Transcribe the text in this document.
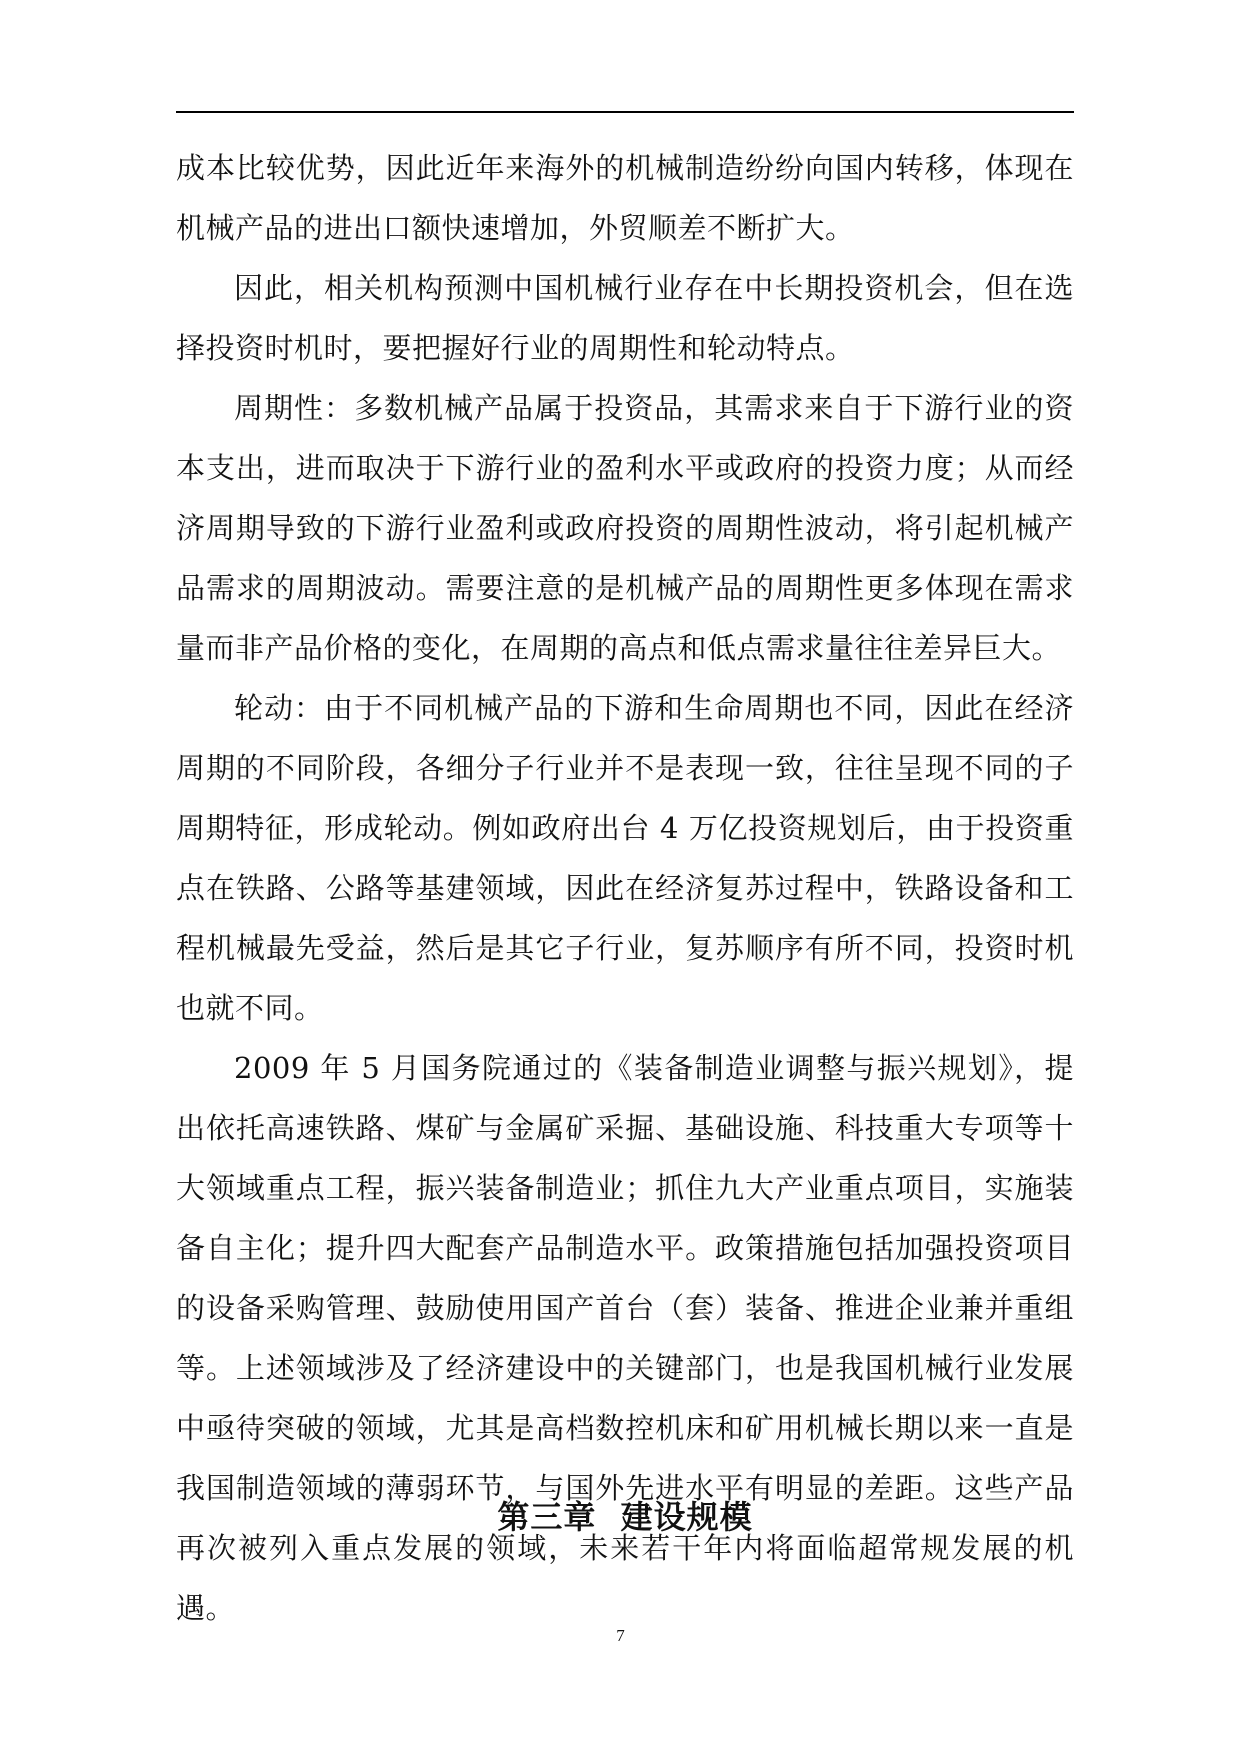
成本比较优势，因此近年来海外的机械制造纷纷向国内转移，体现在机械产品的进出口额快速增加，外贸顺差不断扩大。

因此，相关机构预测中国机械行业存在中长期投资机会，但在选择投资时机时，要把握好行业的周期性和轮动特点。

周期性：多数机械产品属于投资品，其需求来自于下游行业的资本支出，进而取决于下游行业的盈利水平或政府的投资力度；从而经济周期导致的下游行业盈利或政府投资的周期性波动，将引起机械产品需求的周期波动。需要注意的是机械产品的周期性更多体现在需求量而非产品价格的变化，在周期的高点和低点需求量往往差异巨大。

轮动：由于不同机械产品的下游和生命周期也不同，因此在经济周期的不同阶段，各细分子行业并不是表现一致，往往呈现不同的子周期特征，形成轮动。例如政府出台 4 万亿投资规划后，由于投资重点在铁路、公路等基建领域，因此在经济复苏过程中，铁路设备和工程机械最先受益，然后是其它子行业，复苏顺序有所不同，投资时机也就不同。

2009 年 5 月国务院通过的《装备制造业调整与振兴规划》，提出依托高速铁路、煤矿与金属矿采掘、基础设施、科技重大专项等十大领域重点工程，振兴装备制造业；抓住九大产业重点项目，实施装备自主化；提升四大配套产品制造水平。政策措施包括加强投资项目的设备采购管理、鼓励使用国产首台（套）装备、推进企业兼并重组等。上述领域涉及了经济建设中的关键部门，也是我国机械行业发展中亟待突破的领域，尤其是高档数控机床和矿用机械长期以来一直是我国制造领域的薄弱环节，与国外先进水平有明显的差距。这些产品再次被列入重点发展的领域，未来若干年内将面临超常规发展的机遇。

第三章  建设规模
7
